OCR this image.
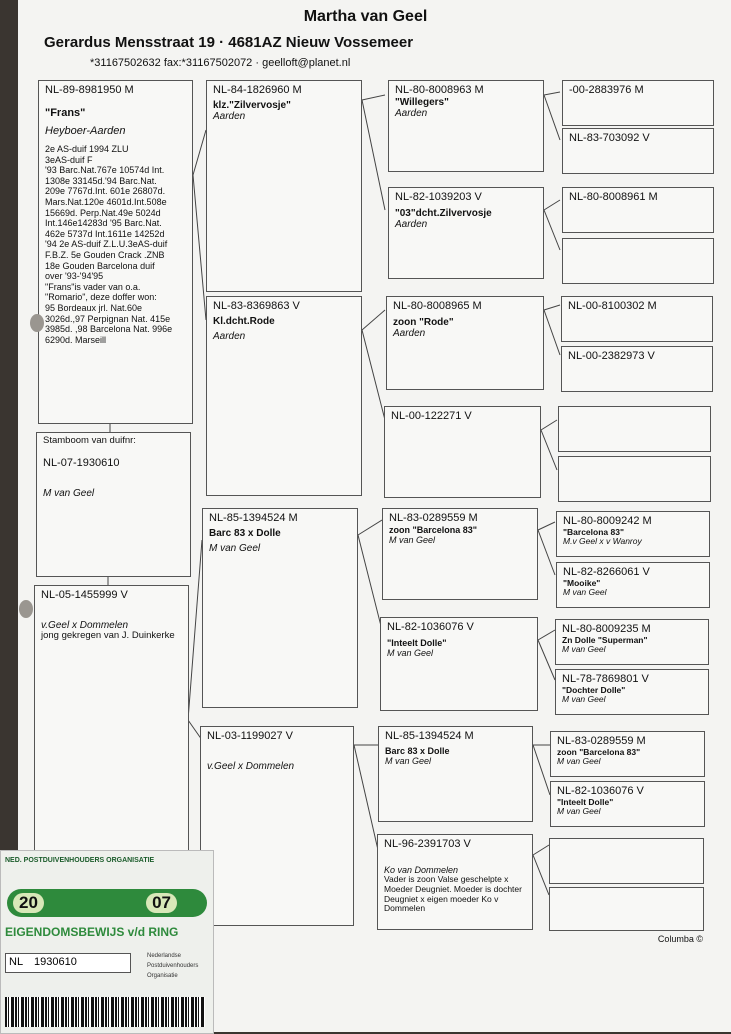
Martha van Geel
Gerardus Mensstraat 19 · 4681AZ Nieuw Vossemeer
*31167502632 fax:*31167502072 · geelloft@planet.nl
NL-89-8981950 M
"Frans"
Heyboer-Aarden
2e AS-duif 1994 ZLU
3eAS-duif F
'93 Barc.Nat.767e 10574d Int.
1308e 33145d.'94 Barc.Nat.
209e 7767d.Int. 601e 26807d.
Mars.Nat.120e 4601d.Int.508e
15669d. Perp.Nat.49e 5024d
Int.146e14283d '95 Barc.Nat.
462e 5737d Int.1611e 14252d
'94 2e AS-duif Z.L.U.3eAS-duif
F.B.Z. 5e Gouden Crack .ZNB
18e Gouden Barcelona duif
over '93-'94'95
"Frans"is vader van o.a.
"Romario", deze doffer won:
95 Bordeaux jrl. Nat.60e
3026d.,97 Perpignan Nat. 415e
3985d. ,98 Barcelona Nat. 996e
6290d. Marseill
Stamboom van duifnr:
NL-07-1930610
M van Geel
NL-05-1455999 V
v.Geel x Dommelen
jong gekregen van J. Duinkerke
NL-84-1826960 M
klz."Zilvervosje"
Aarden
NL-83-8369863 V
Kl.dcht.Rode
Aarden
NL-85-1394524 M
Barc 83 x Dolle
M van Geel
NL-03-1199027 V
v.Geel x Dommelen
NL-80-8008963 M
"Willegers"
Aarden
NL-82-1039203 V
"03"dcht.Zilvervosje
Aarden
NL-80-8008965 M
zoon "Rode"
Aarden
NL-00-122271 V
NL-83-0289559 M
zoon "Barcelona 83"
M van Geel
NL-82-1036076 V
"Inteelt Dolle"
M van Geel
NL-85-1394524 M
Barc 83 x Dolle
M van Geel
NL-96-2391703 V
Ko van Dommelen
Vader is zoon Valse geschelpte x Moeder Deugniet. Moeder is dochter Deugniet x eigen moeder Ko v Dommelen
-00-2883976 M
NL-83-703092 V
NL-80-8008961 M
NL-00-8100302 M
NL-00-2382973 V
NL-80-8009242 M
"Barcelona 83"
M.v Geel x v Wanroy
NL-82-8266061 V
"Mooike"
M van Geel
NL-80-8009235 M
Zn Dolle "Superman"
M van Geel
NL-78-7869801 V
"Dochter Dolle"
M van Geel
NL-83-0289559 M
zoon "Barcelona 83"
M van Geel
NL-82-1036076 V
"Inteelt Dolle"
M van Geel
Columba ©
NED. POSTDUIVENHOUDERS ORGANISATIE
20	07
EIGENDOMSBEWIJS v/d RING
NL 1930610	Nederlandse
Postduivenhouders
Organisatie
